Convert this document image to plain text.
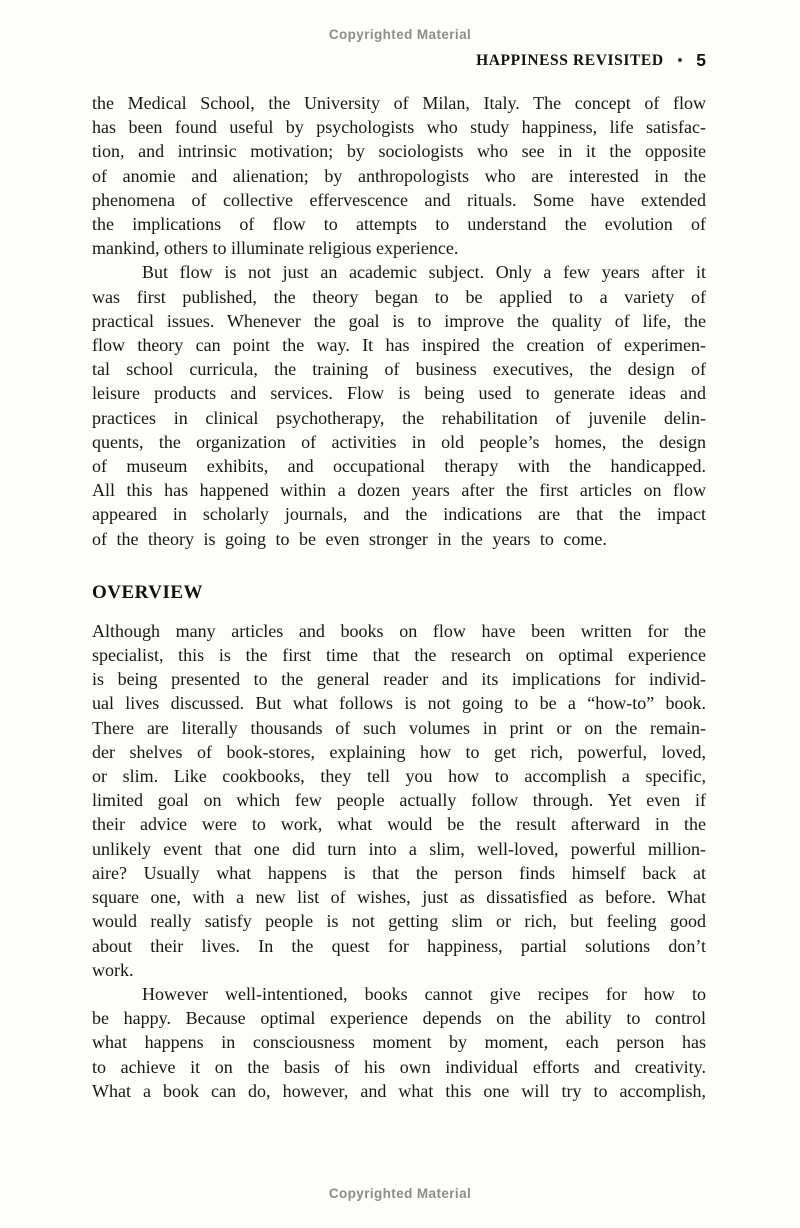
Copyrighted Material
HAPPINESS REVISITED ▪ 5
the Medical School, the University of Milan, Italy. The concept of flow
has been found useful by psychologists who study happiness, life satisfac-
tion, and intrinsic motivation; by sociologists who see in it the opposite
of anomie and alienation; by anthropologists who are interested in the
phenomena of collective effervescence and rituals. Some have extended
the implications of flow to attempts to understand the evolution of
mankind, others to illuminate religious experience.
But flow is not just an academic subject. Only a few years after it
was first published, the theory began to be applied to a variety of
practical issues. Whenever the goal is to improve the quality of life, the
flow theory can point the way. It has inspired the creation of experimen-
tal school curricula, the training of business executives, the design of
leisure products and services. Flow is being used to generate ideas and
practices in clinical psychotherapy, the rehabilitation of juvenile delin-
quents, the organization of activities in old people’s homes, the design
of museum exhibits, and occupational therapy with the handicapped.
All this has happened within a dozen years after the first articles on flow
appeared in scholarly journals, and the indications are that the impact
of the theory is going to be even stronger in the years to come.
OVERVIEW
Although many articles and books on flow have been written for the
specialist, this is the first time that the research on optimal experience
is being presented to the general reader and its implications for individ-
ual lives discussed. But what follows is not going to be a “how-to” book.
There are literally thousands of such volumes in print or on the remain-
der shelves of book-stores, explaining how to get rich, powerful, loved,
or slim. Like cookbooks, they tell you how to accomplish a specific,
limited goal on which few people actually follow through. Yet even if
their advice were to work, what would be the result afterward in the
unlikely event that one did turn into a slim, well-loved, powerful million-
aire? Usually what happens is that the person finds himself back at
square one, with a new list of wishes, just as dissatisfied as before. What
would really satisfy people is not getting slim or rich, but feeling good
about their lives. In the quest for happiness, partial solutions don’t
work.
However well-intentioned, books cannot give recipes for how to
be happy. Because optimal experience depends on the ability to control
what happens in consciousness moment by moment, each person has
to achieve it on the basis of his own individual efforts and creativity.
What a book can do, however, and what this one will try to accomplish,
Copyrighted Material
